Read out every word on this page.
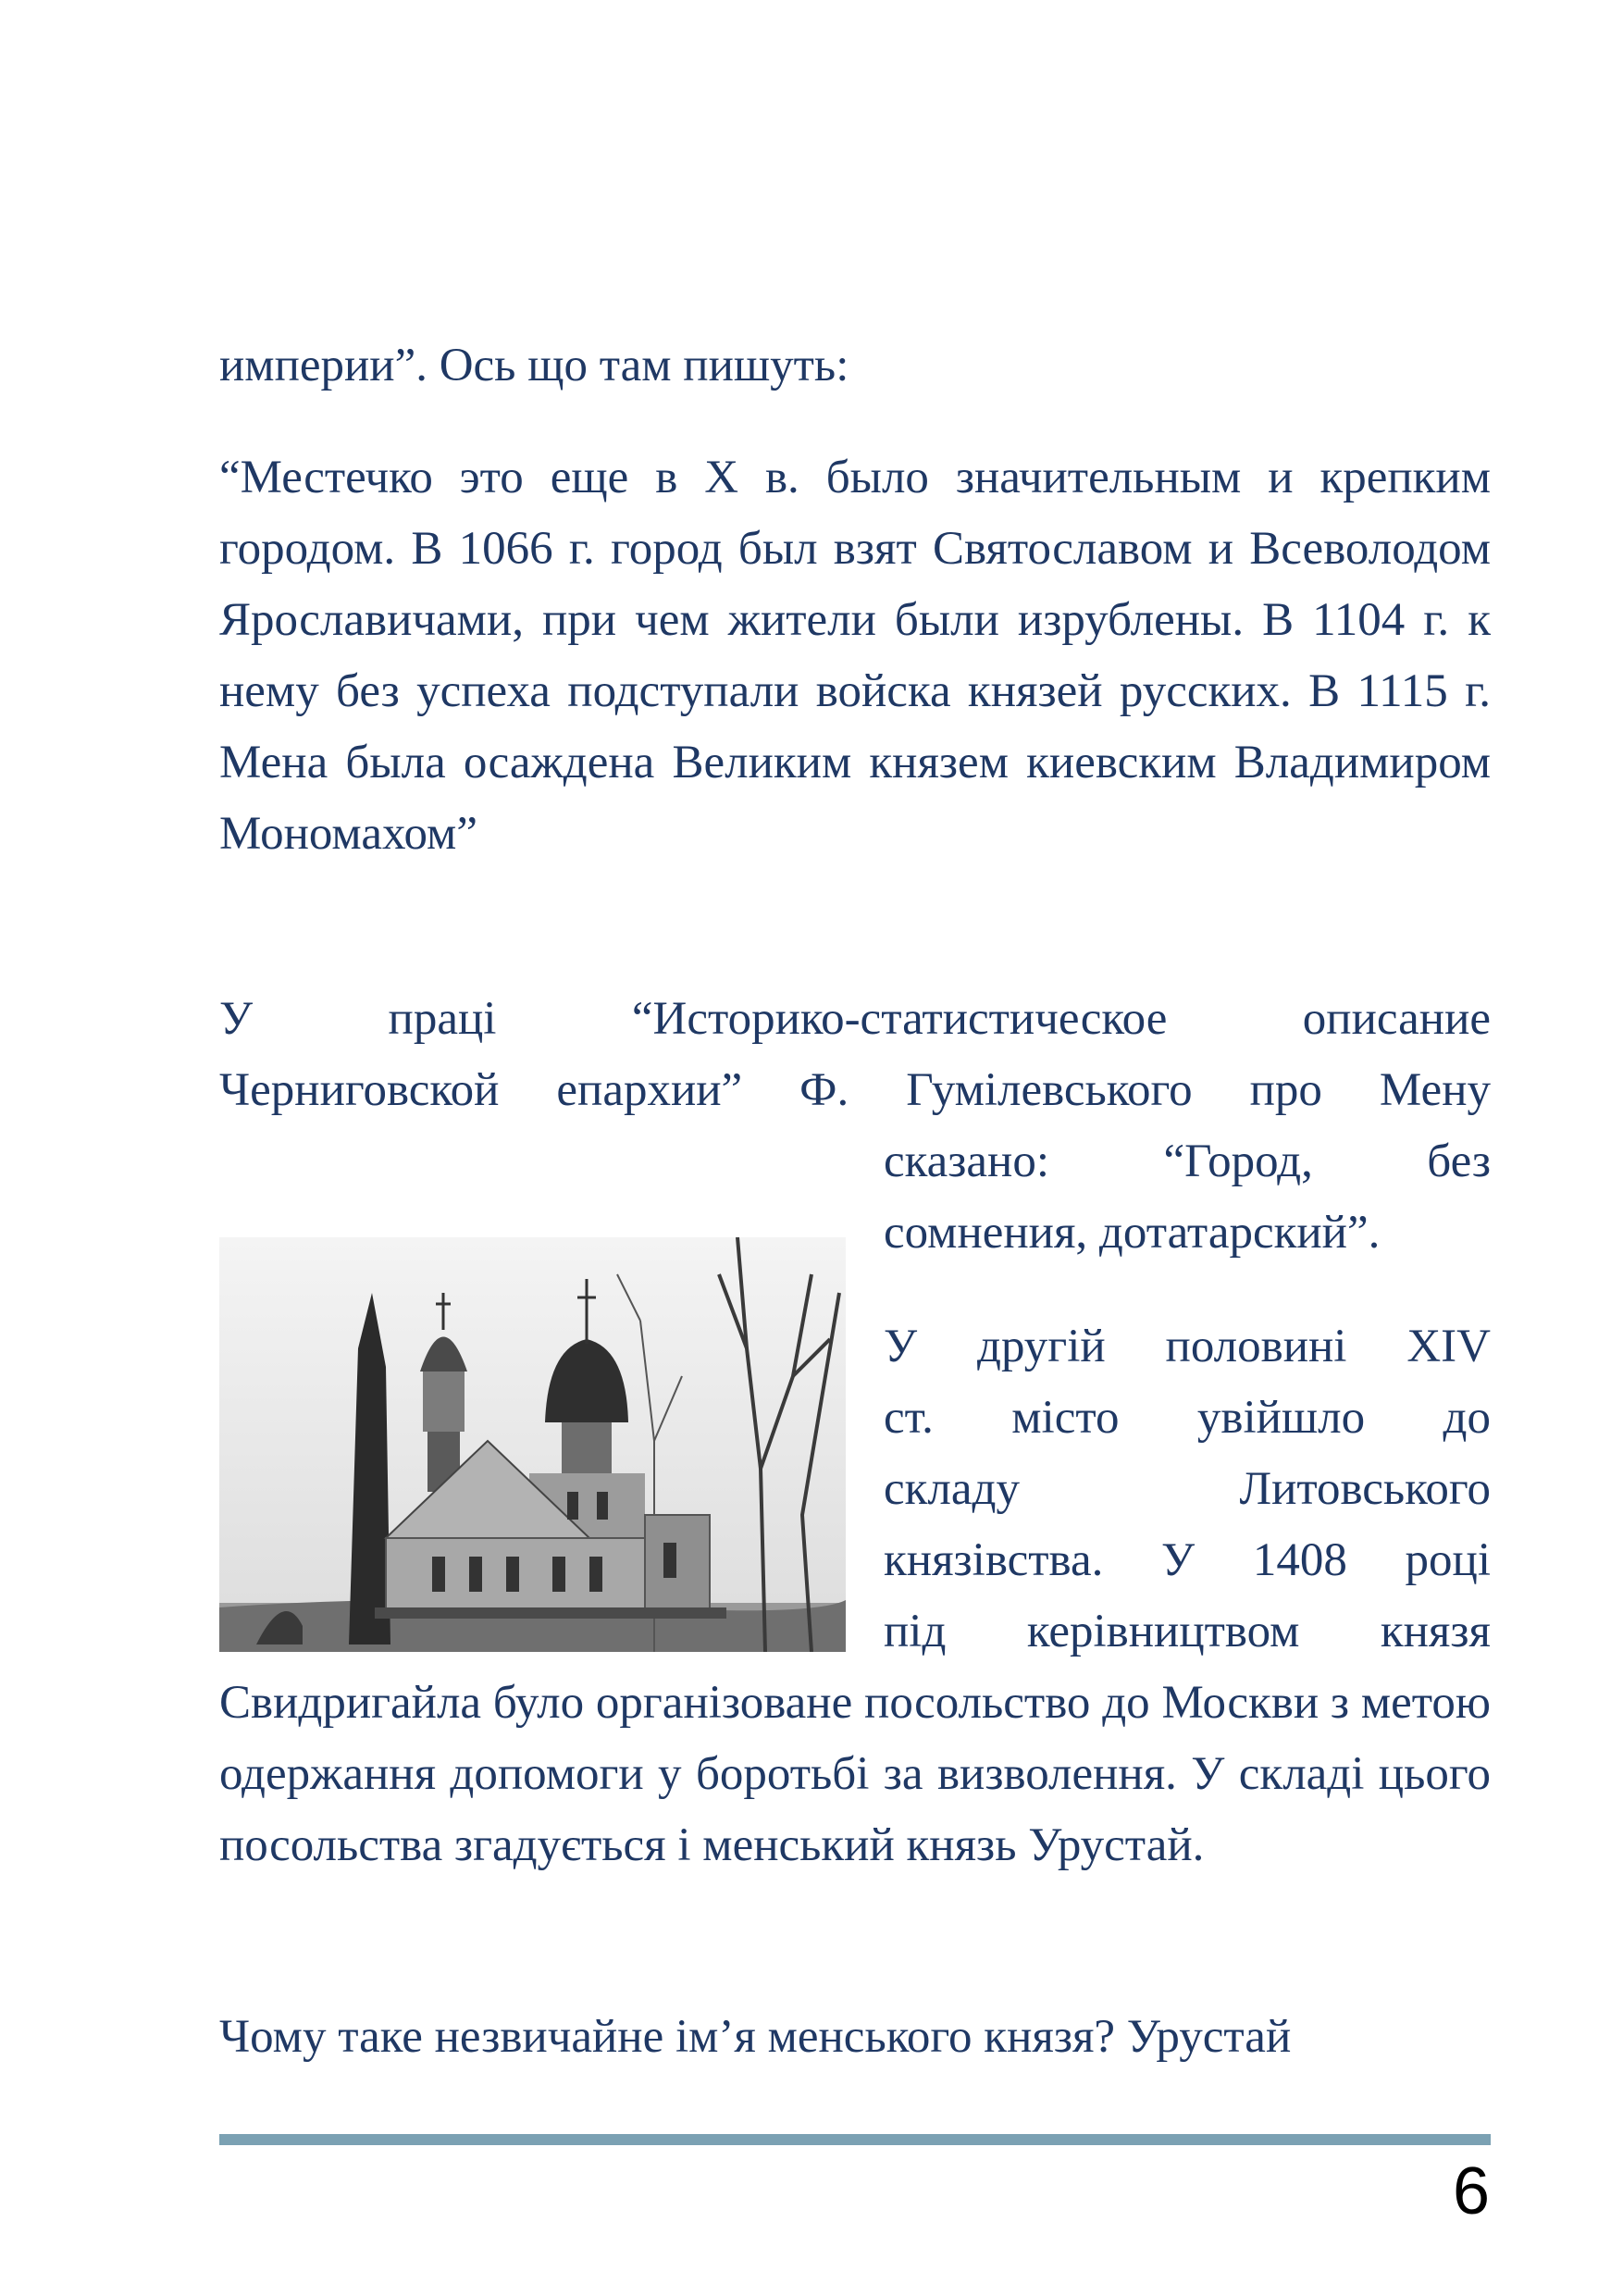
империи”. Ось що там пишуть:

“Местечко это еще в X в. было значительным и крепким городом. В 1066 г. город был взят Святославом и Всеволодом Ярославичами, при чем жители были изрублены. В 1104 г. к нему без успеха подступали войска князей русских. В 1115 г. Мена была осаждена Великим князем киевским Владимиром Мономахом”

У праці “Историко-статистическое описание

Черниговской епархии” Ф. Гумілевського про Мену

сказано: “Город, без

сомнения, дотатарский”.

У другій половині XIV

ст. місто увійшло до

складу Литовського

князівства. У 1408 році

під керівництвом князя

Свидригайла було організоване посольство до Москви з метою одержання допомоги у боротьбі за визволення. У складі цього посольства згадується і менський князь Урустай.

Чому таке незвичайне ім’я менського князя? Урустай

6
